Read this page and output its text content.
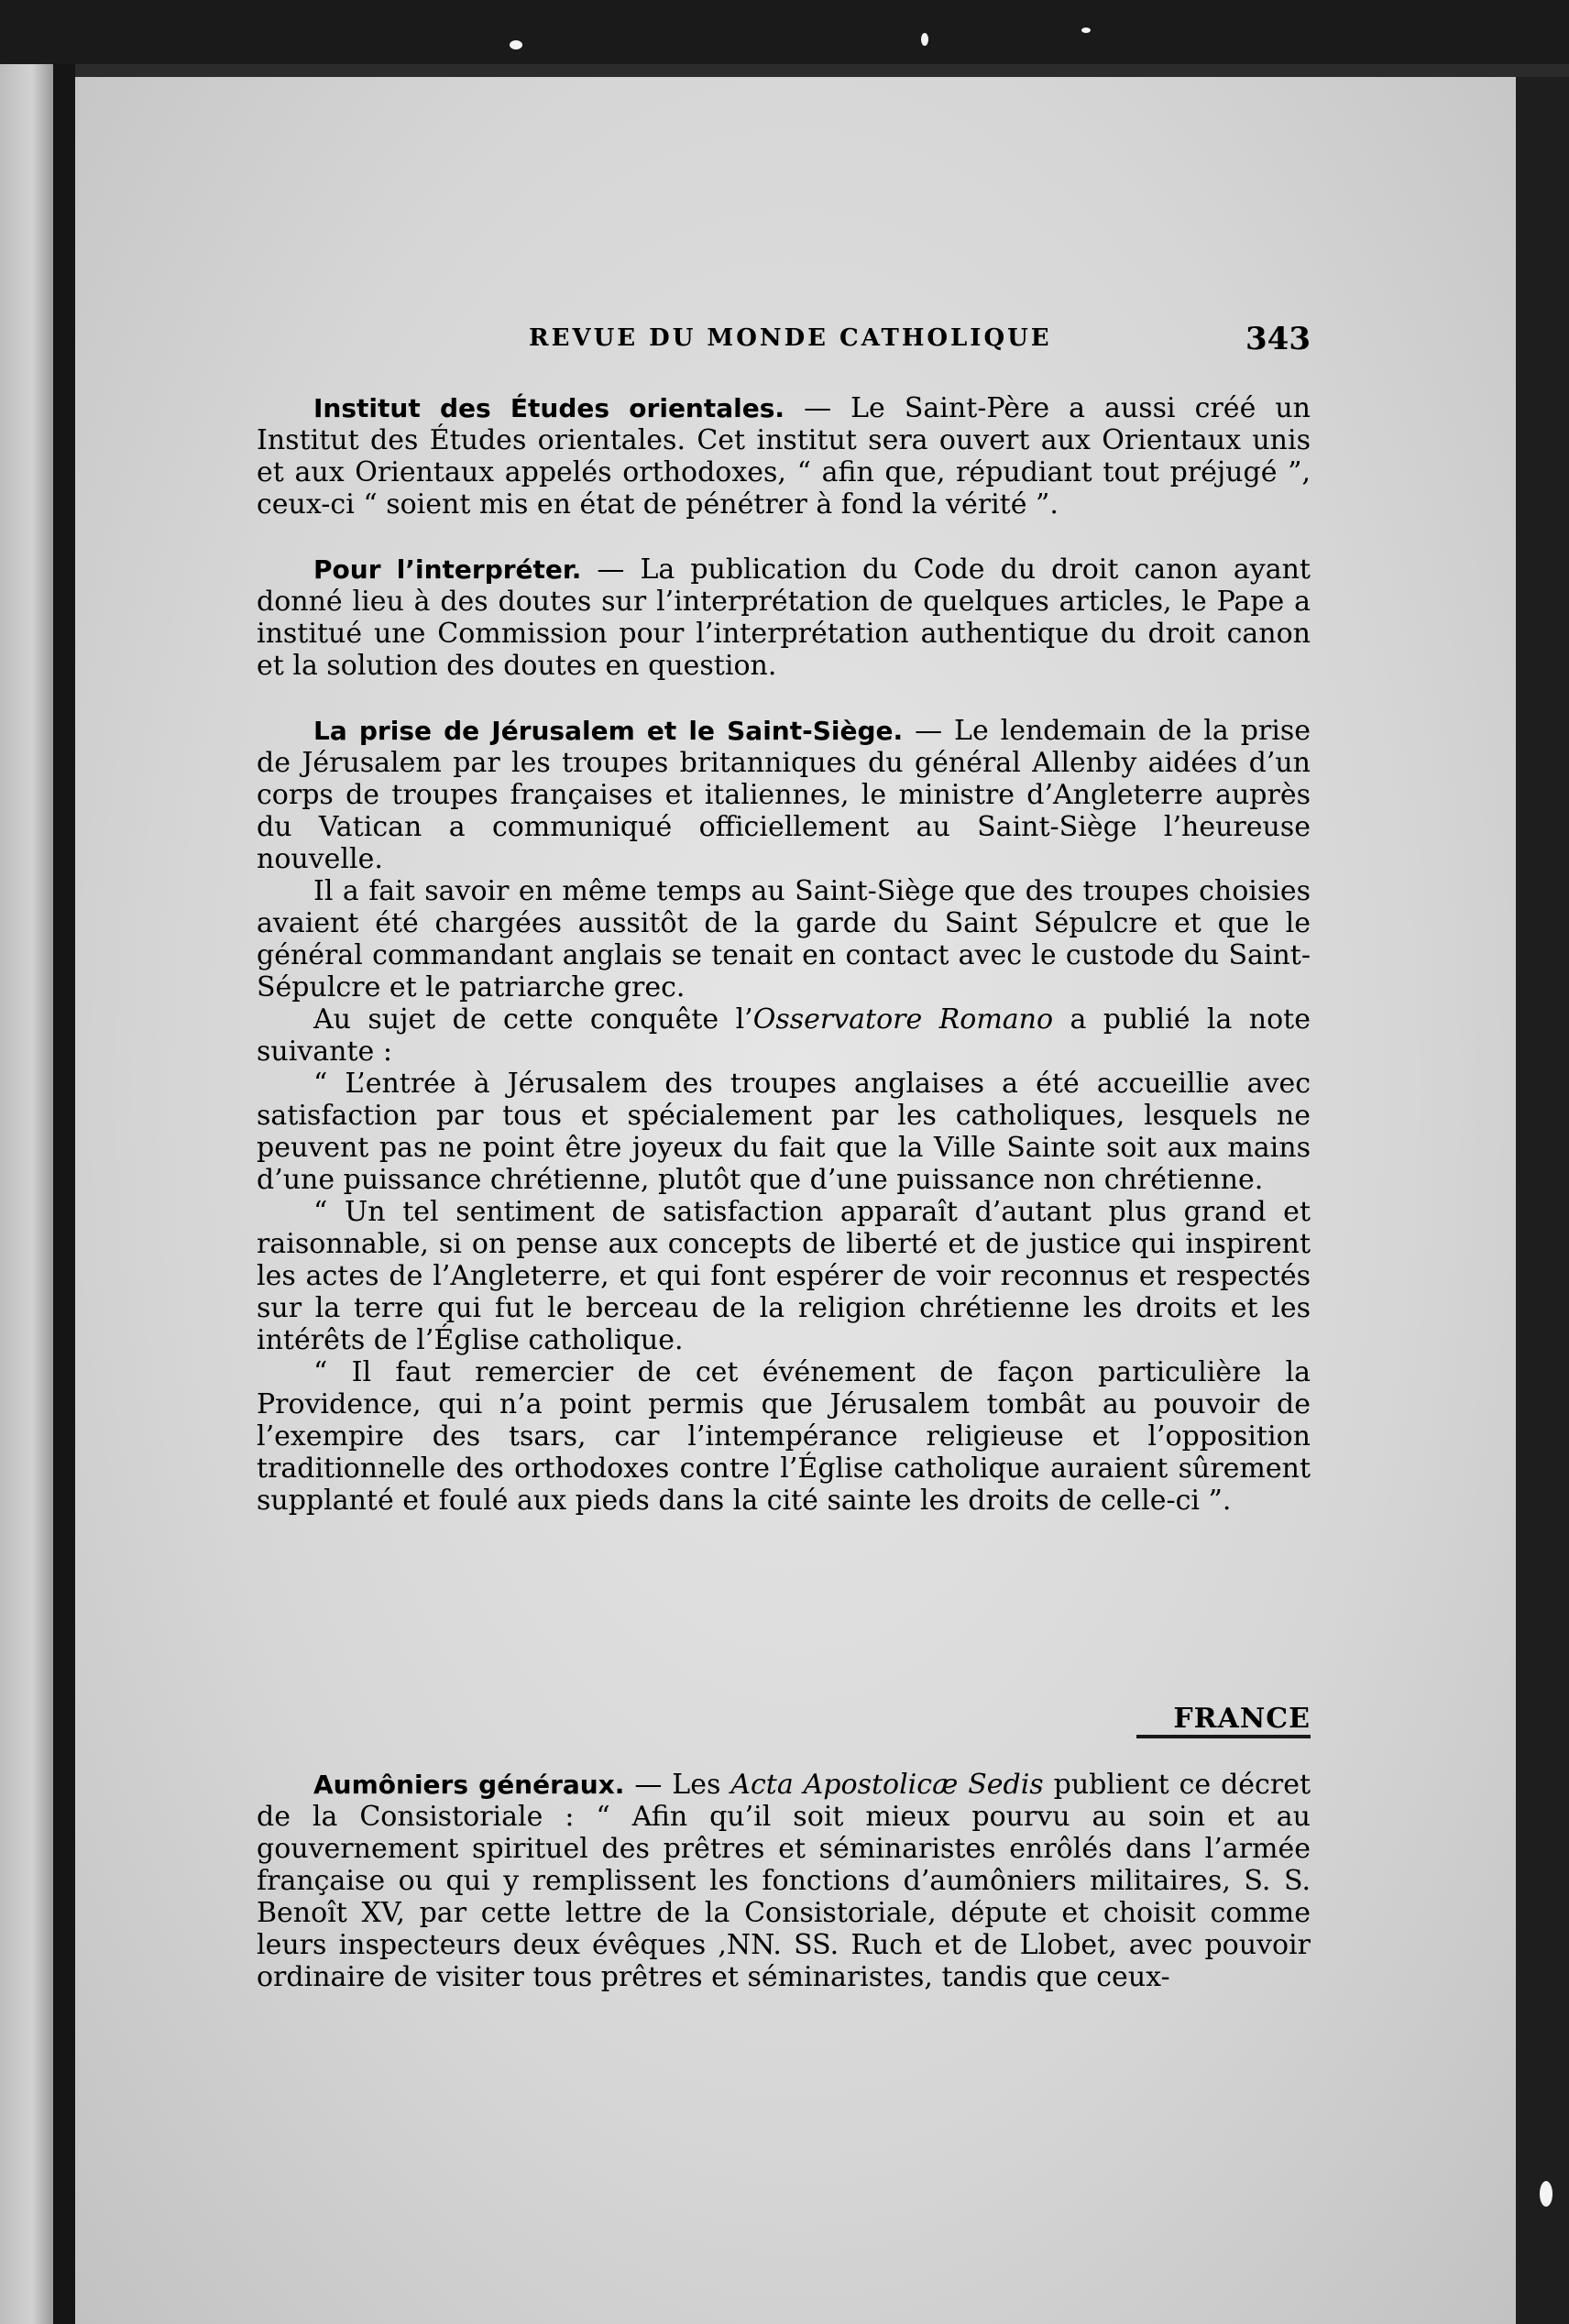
REVUE DU MONDE CATHOLIQUE	343

Institut des Études orientales. — Le Saint-Père a aussi créé un Institut des Études orientales. Cet institut sera ouvert aux Orientaux unis et aux Orientaux appelés orthodoxes, “ afin que, répudiant tout préjugé ”, ceux-ci “ soient mis en état de pénétrer à fond la vérité ”.

Pour l’interpréter. — La publication du Code du droit canon ayant donné lieu à des doutes sur l’interprétation de quelques articles, le Pape a institué une Commission pour l’interprétation authentique du droit canon et la solution des doutes en question.

La prise de Jérusalem et le Saint-Siège. — Le lendemain de la prise de Jérusalem par les troupes britanniques du général Allenby aidées d’un corps de troupes françaises et italiennes, le ministre d’Angleterre auprès du Vatican a communiqué officiellement au Saint-Siège l’heureuse nouvelle.

Il a fait savoir en même temps au Saint-Siège que des troupes choisies avaient été chargées aussitôt de la garde du Saint Sépulcre et que le général commandant anglais se tenait en contact avec le custode du Saint-Sépulcre et le patriarche grec.

Au sujet de cette conquête l’Osservatore Romano a publié la note suivante :

“ L’entrée à Jérusalem des troupes anglaises a été accueillie avec satisfaction par tous et spécialement par les catholiques, lesquels ne peuvent pas ne point être joyeux du fait que la Ville Sainte soit aux mains d’une puissance chrétienne, plutôt que d’une puissance non chrétienne.

“ Un tel sentiment de satisfaction apparaît d’autant plus grand et raisonnable, si on pense aux concepts de liberté et de justice qui inspirent les actes de l’Angleterre, et qui font espérer de voir reconnus et respectés sur la terre qui fut le berceau de la religion chrétienne les droits et les intérêts de l’Église catholique.

“ Il faut remercier de cet événement de façon particulière la Providence, qui n’a point permis que Jérusalem tombât au pouvoir de l’exempire des tsars, car l’intempérance religieuse et l’opposition traditionnelle des orthodoxes contre l’Église catholique auraient sûrement supplanté et foulé aux pieds dans la cité sainte les droits de celle-ci ”.

FRANCE

Aumôniers généraux. — Les Acta Apostolicæ Sedis publient ce décret de la Consistoriale : “ Afin qu’il soit mieux pourvu au soin et au gouvernement spirituel des prêtres et séminaristes enrôlés dans l’armée française ou qui y remplissent les fonctions d’aumôniers militaires, S. S. Benoît XV, par cette lettre de la Consistoriale, députe et choisit comme leurs inspecteurs deux évêques ,NN. SS. Ruch et de Llobet, avec pouvoir ordinaire de visiter tous prêtres et séminaristes, tandis que ceux-
